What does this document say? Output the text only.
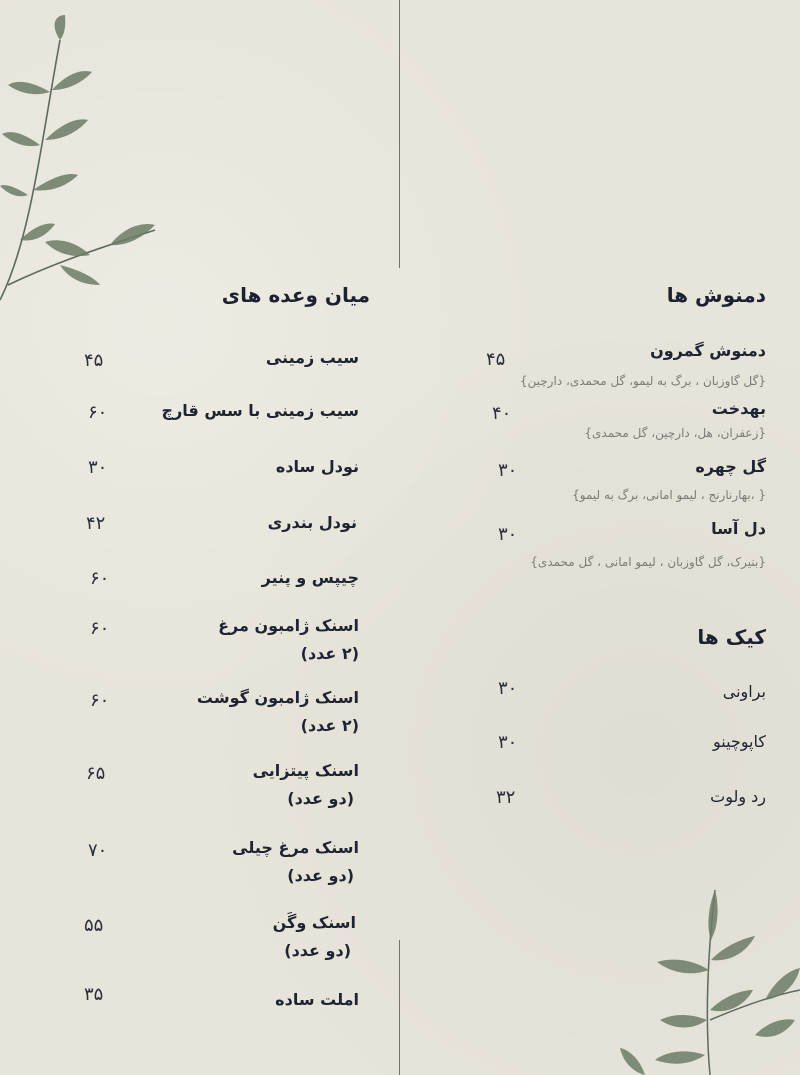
میان وعده های
سیب زمینی
۴۵
سیب زمینی با سس قارچ
۶۰
نودل ساده
۳۰
نودل بندری
۴۲
چیپس و پنیر
۶۰
اسنک ژامبون مرغ
(۲ عدد)
۶۰
اسنک ژامبون گوشت
(۲ عدد)
۶۰
اسنک پیتزایی
(دو عدد)
۶۵
اسنک مرغ چیلی
(دو عدد)
۷۰
اسنک وگَن
(دو عدد)
۵۵
املت ساده
۳۵
دمنوش ها
دمنوش گمرون
{گل گاوزبان ، برگ به لیمو، گل محمدی، دارچین}
۴۵
بهدخت
{زعفران، هل، دارچین، گل محمدی}
۴۰
گل چهره
{ ،بهارنارنج ، لیمو امانی، برگ به لیمو}
۳۰
دل آسا
{بنیرک، گل گاوزبان ، لیمو امانی ، گل محمدی}
۳۰
کیک ها
براونی
۳۰
کاپوچینو
۳۰
رد ولوت
۳۲
